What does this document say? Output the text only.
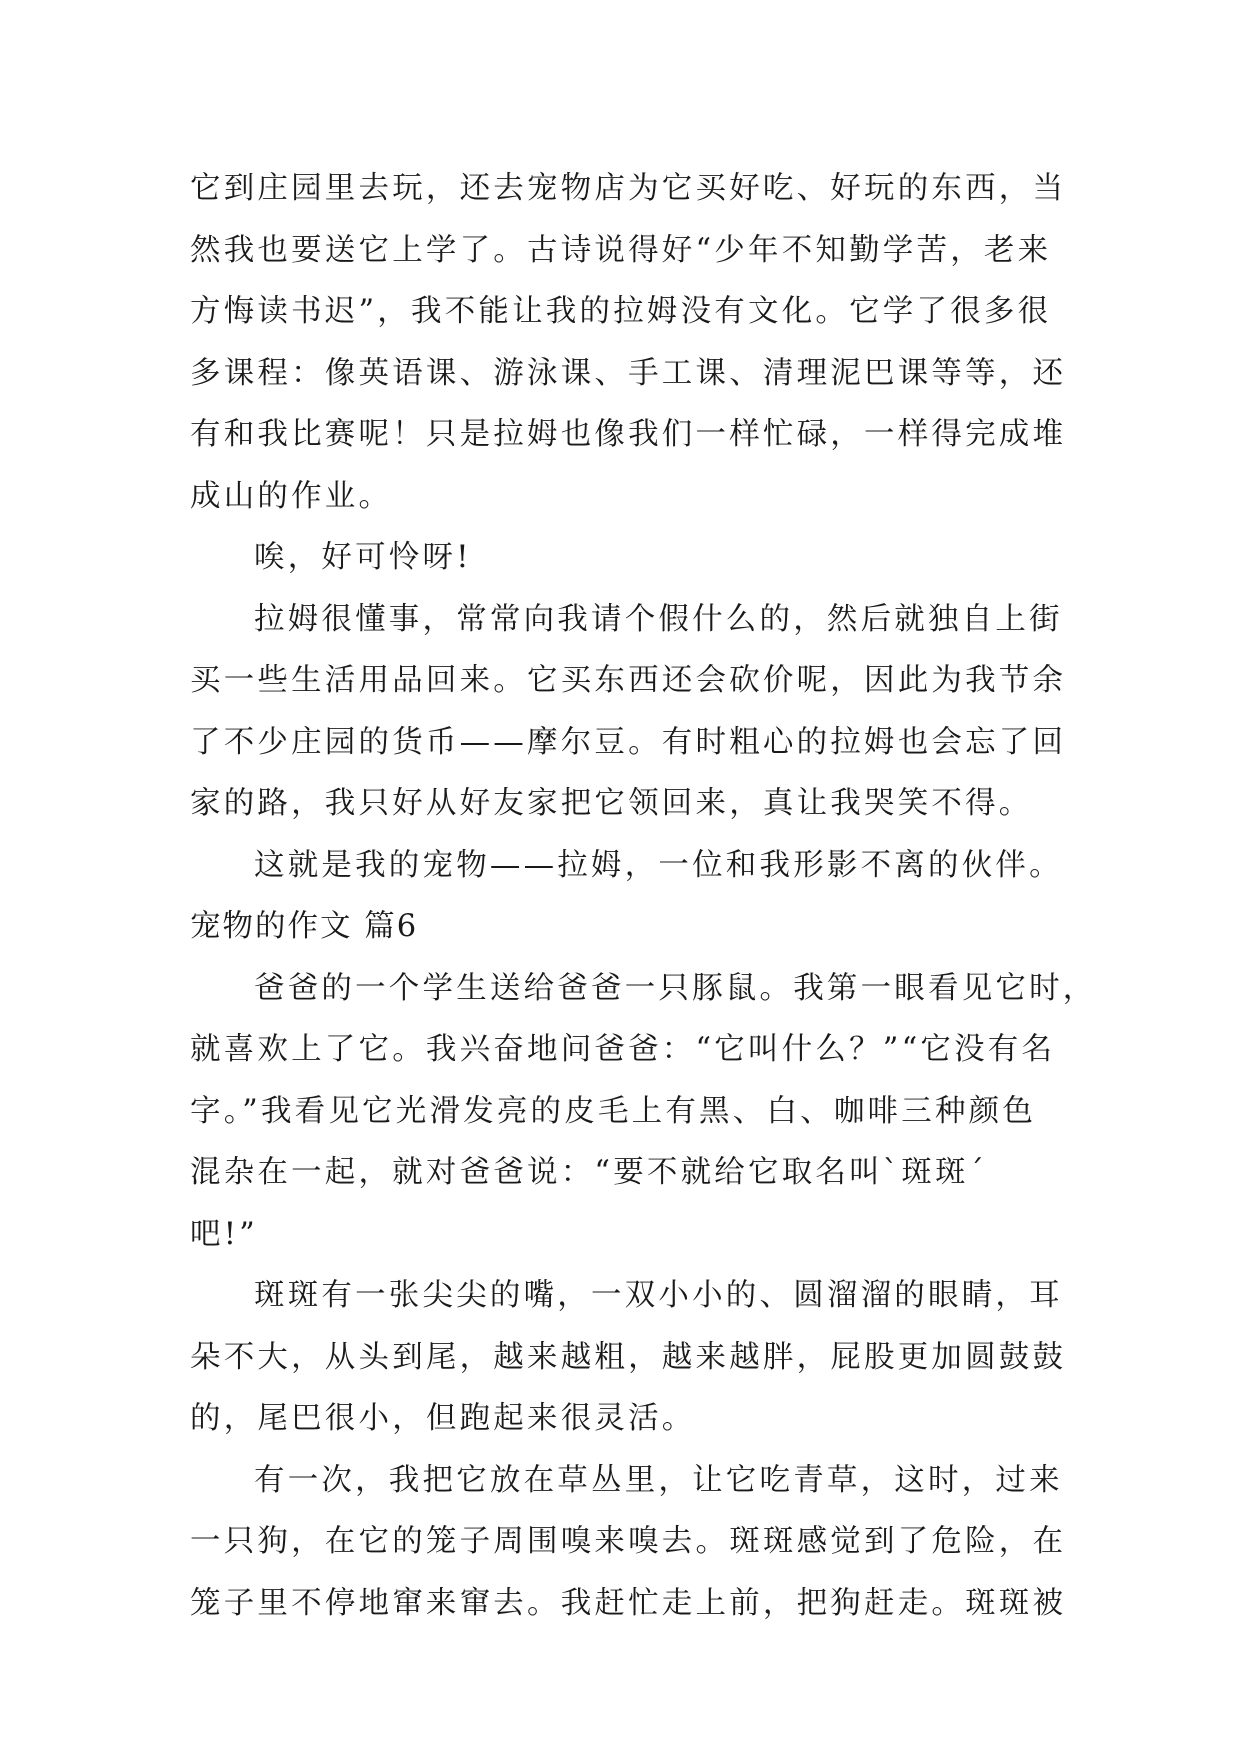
它到庄园里去玩，还去宠物店为它买好吃、好玩的东西，当
然我也要送它上学了。古诗说得好“少年不知勤学苦，老来
方悔读书迟”，我不能让我的拉姆没有文化。它学了很多很
多课程：像英语课、游泳课、手工课、清理泥巴课等等，还
有和我比赛呢！只是拉姆也像我们一样忙碌，一样得完成堆
成山的作业。
唉，好可怜呀!
拉姆很懂事，常常向我请个假什么的，然后就独自上街
买一些生活用品回来。它买东西还会砍价呢，因此为我节余
了不少庄园的货币——摩尔豆。有时粗心的拉姆也会忘了回
家的路，我只好从好友家把它领回来，真让我哭笑不得。
这就是我的宠物——拉姆，一位和我形影不离的伙伴。
宠物的作文 篇6
爸爸的一个学生送给爸爸一只豚鼠。我第一眼看见它时，
就喜欢上了它。我兴奋地问爸爸：“它叫什么？”“它没有名
字。”我看见它光滑发亮的皮毛上有黑、白、咖啡三种颜色
混杂在一起，就对爸爸说：“要不就给它取名叫`斑斑´
吧!”
斑斑有一张尖尖的嘴，一双小小的、圆溜溜的眼睛，耳
朵不大，从头到尾，越来越粗，越来越胖，屁股更加圆鼓鼓
的，尾巴很小，但跑起来很灵活。
有一次，我把它放在草丛里，让它吃青草，这时，过来
一只狗，在它的笼子周围嗅来嗅去。斑斑感觉到了危险，在
笼子里不停地窜来窜去。我赶忙走上前，把狗赶走。斑斑被
